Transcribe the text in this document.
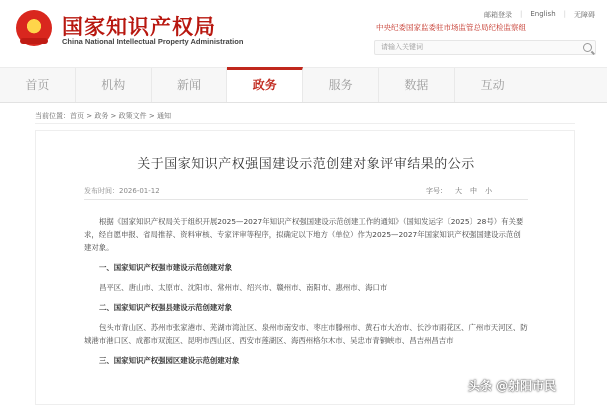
国家知识产权局
China National Intellectual Property Administration
邮箱登录 | English | 无障碍
中央纪委国家监委驻市场监管总局纪检监察组
请输入关键词
首页	机构	新闻	政务	服务	数据	互动
当前位置：首页 > 政务 > 政策文件 > 通知
关于国家知识产权强国建设示范创建对象评审结果的公示
发布时间：2026-01-12	字号： 大 中 小

根据《国家知识产权局关于组织开展2025—2027年知识产权强国建设示范创建工作的通知》（国知发运字〔2025〕28号）有关要求，经自愿申报、省局推荐、资料审核、专家评审等程序，拟确定以下地方（单位）作为2025—2027年国家知识产权强国建设示范创建对象。

一、国家知识产权强市建设示范创建对象

昌平区、唐山市、太原市、沈阳市、常州市、绍兴市、赣州市、南阳市、惠州市、海口市

二、国家知识产权强县建设示范创建对象

包头市青山区、苏州市张家港市、芜湖市湾沚区、泉州市南安市、枣庄市滕州市、黄石市大冶市、长沙市雨花区、广州市天河区、防城港市港口区、成都市双流区、昆明市西山区、西安市莲湖区、海西州格尔木市、吴忠市青铜峡市、昌吉州昌吉市

三、国家知识产权强园区建设示范创建对象

头条 @射阳市民
